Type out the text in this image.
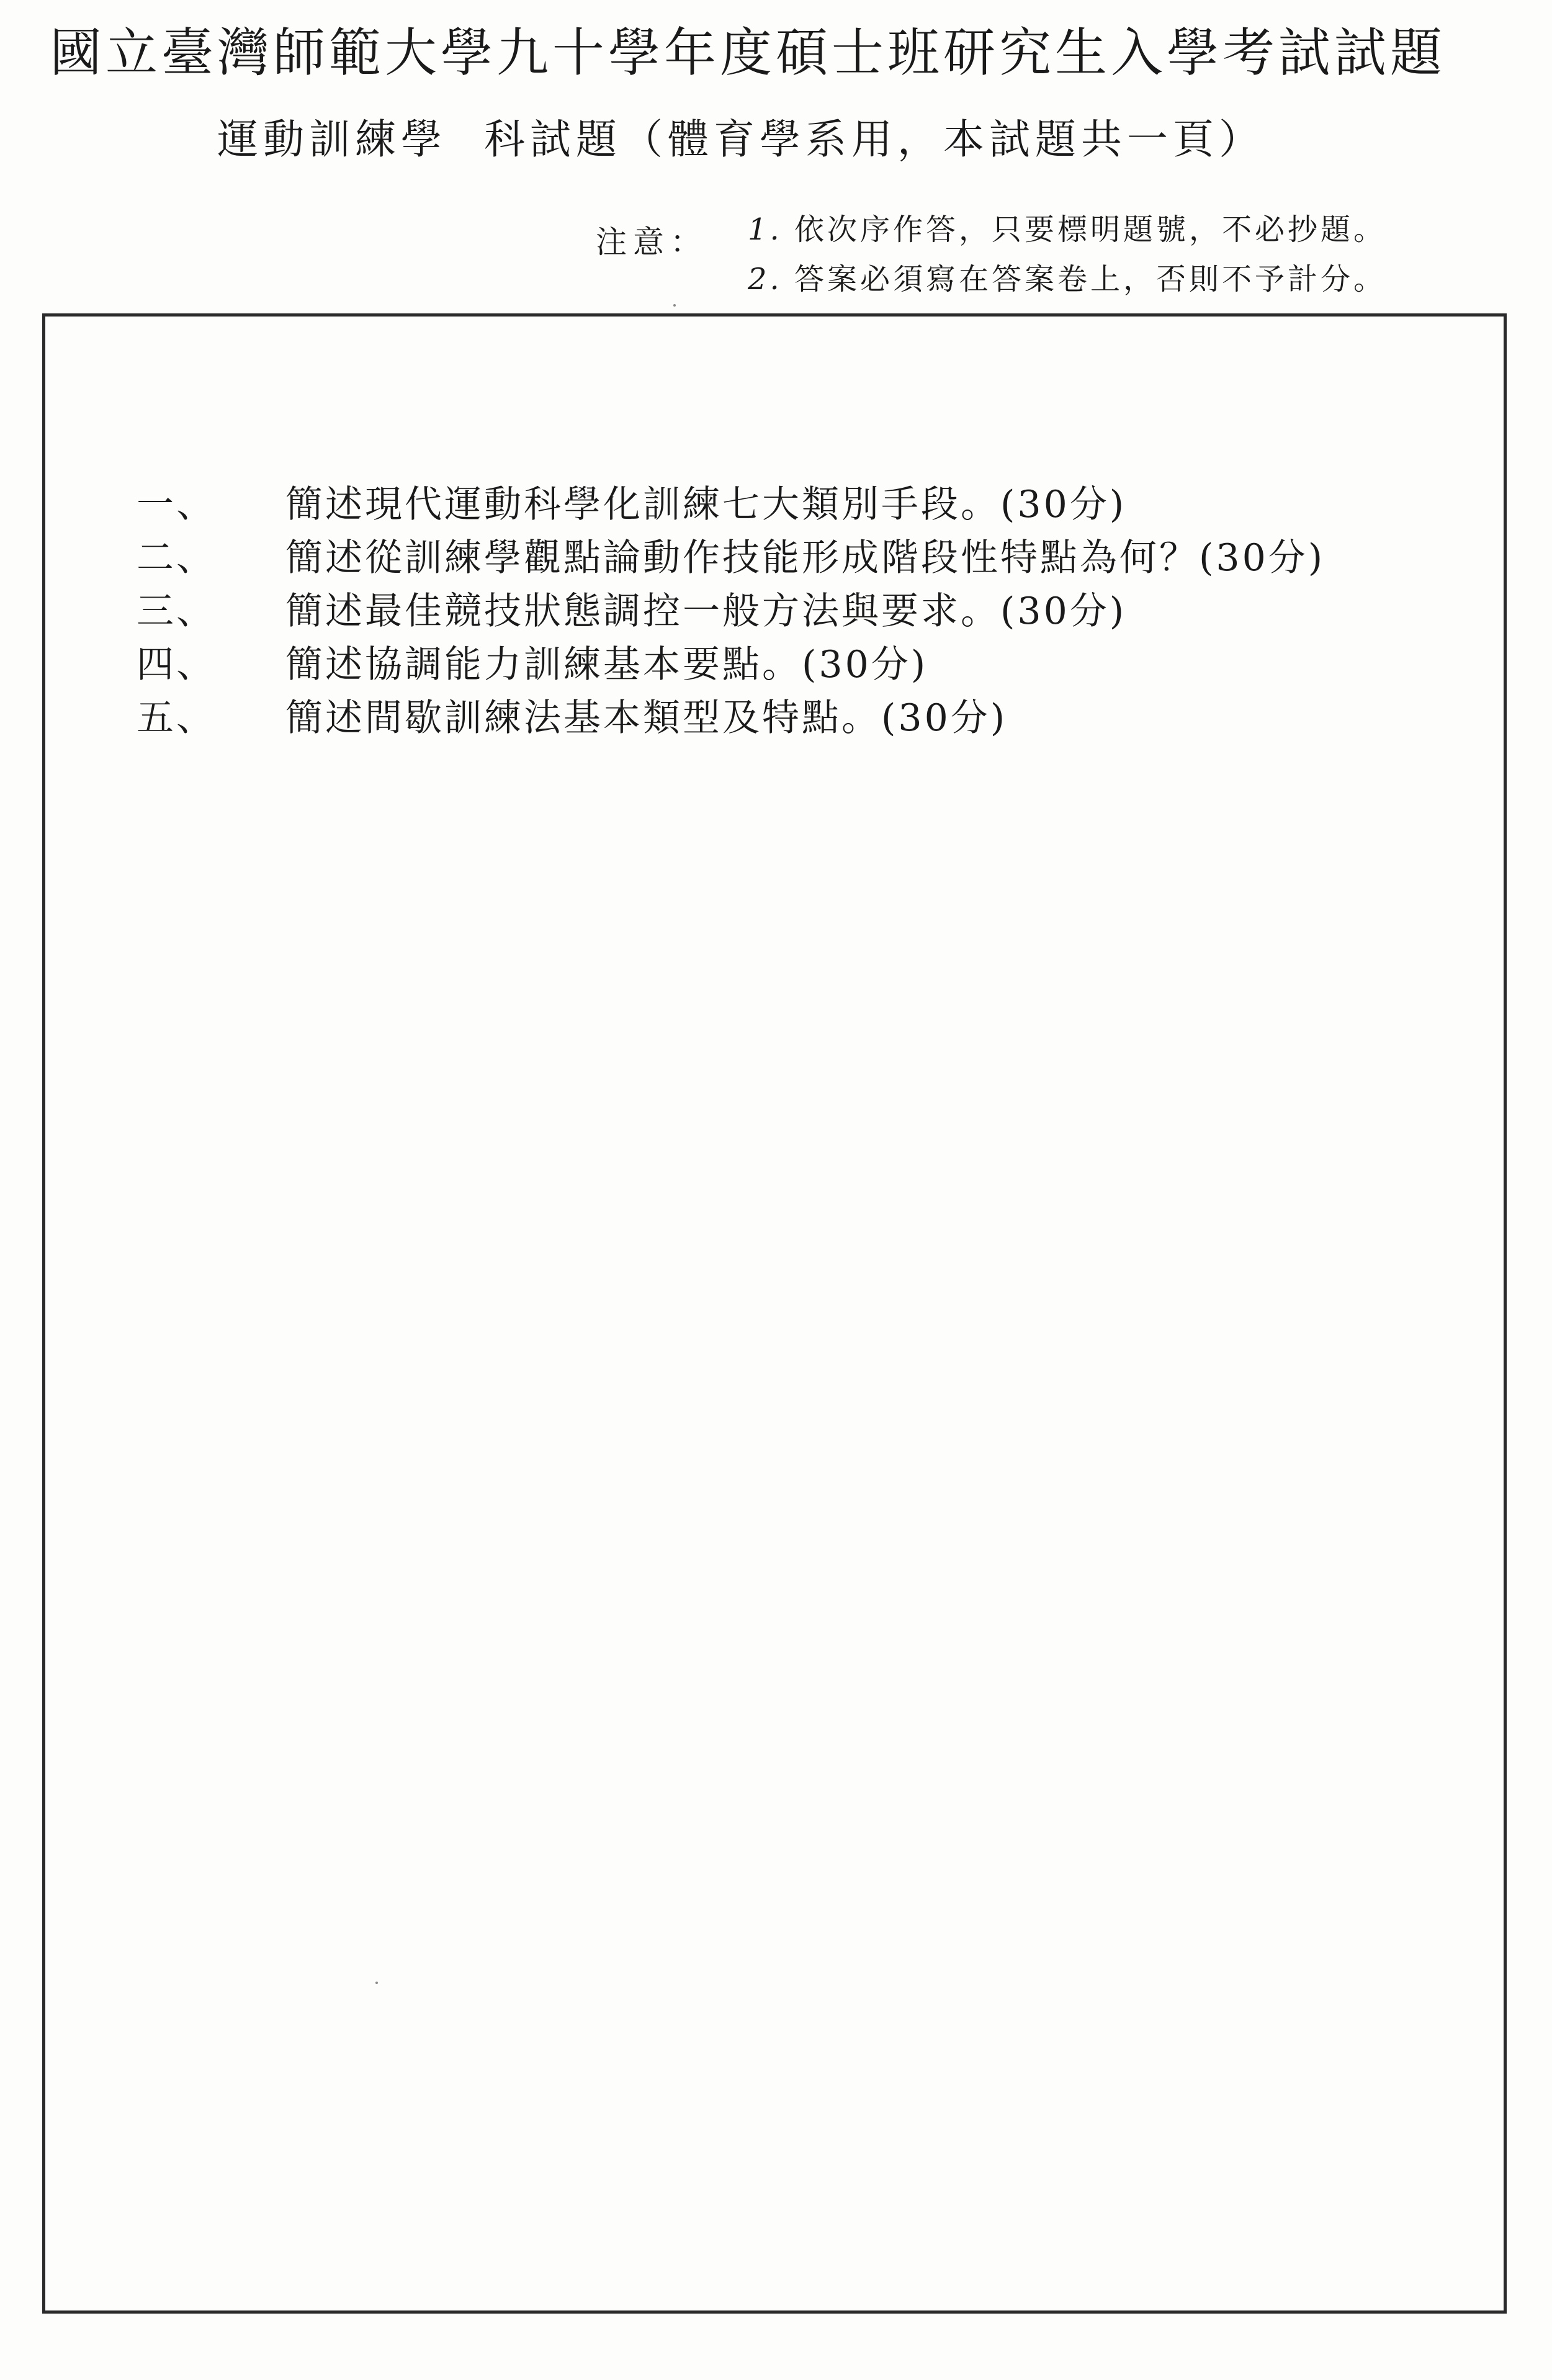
國立臺灣師範大學九十學年度碩士班研究生入學考試試題
運動訓練學 科試題（體育學系用，本試題共一頁）
注意： 1. 依次序作答，只要標明題號，不必抄題。
2. 答案必須寫在答案卷上，否則不予計分。
一、	簡述現代運動科學化訓練七大類別手段。(30分)
二、	簡述從訓練學觀點論動作技能形成階段性特點為何？(30分)
三、	簡述最佳競技狀態調控一般方法與要求。(30分)
四、	簡述協調能力訓練基本要點。(30分)
五、	簡述間歇訓練法基本類型及特點。(30分)
